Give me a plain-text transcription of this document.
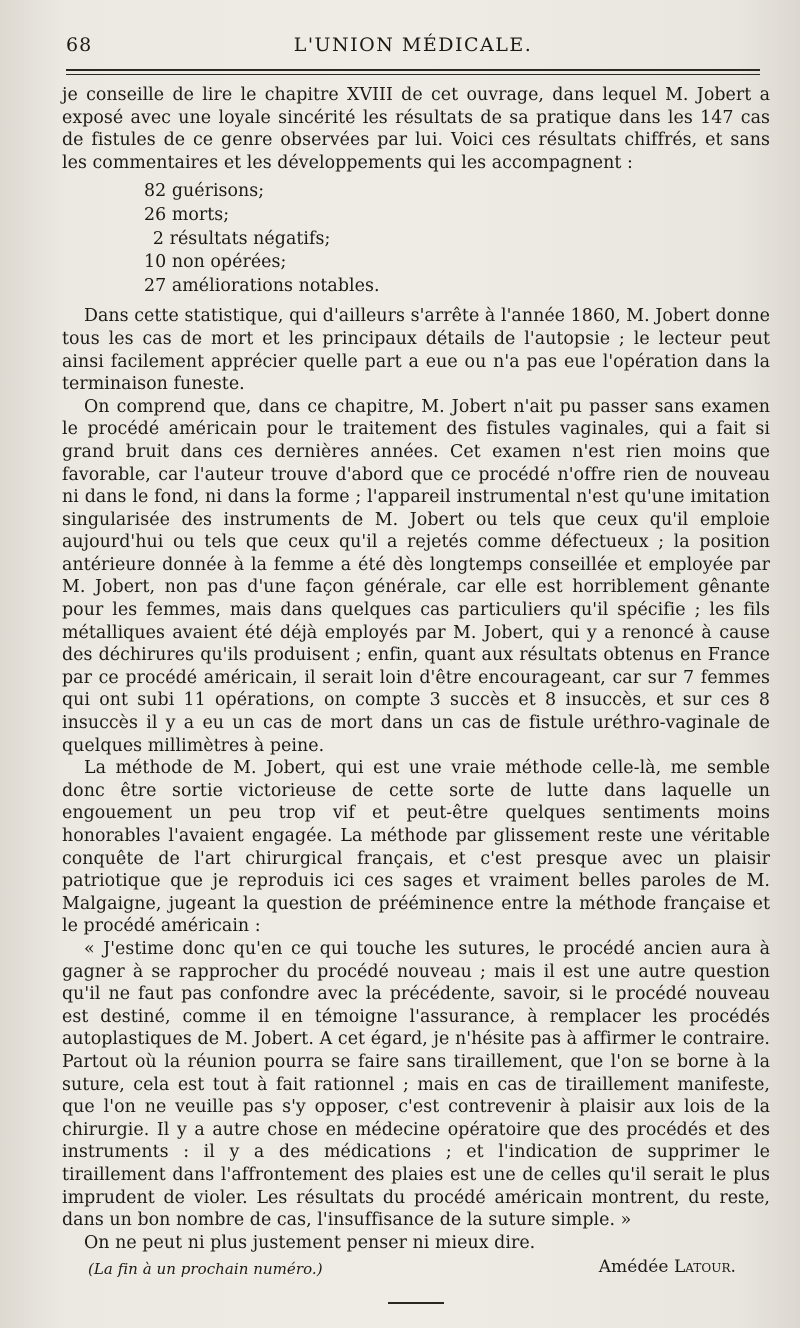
68	L'UNION MÉDICALE.

je conseille de lire le chapitre XVIII de cet ouvrage, dans lequel M. Jobert a exposé avec une loyale sincérité les résultats de sa pratique dans les 147 cas de fistules de ce genre observées par lui. Voici ces résultats chiffrés, et sans les commentaires et les développements qui les accompagnent :

82 guérisons;
26 morts;
2 résultats négatifs;
10 non opérées;
27 améliorations notables.

Dans cette statistique, qui d'ailleurs s'arrête à l'année 1860, M. Jobert donne tous les cas de mort et les principaux détails de l'autopsie ; le lecteur peut ainsi facilement apprécier quelle part a eue ou n'a pas eue l'opération dans la terminaison funeste.

On comprend que, dans ce chapitre, M. Jobert n'ait pu passer sans examen le procédé américain pour le traitement des fistules vaginales, qui a fait si grand bruit dans ces dernières années. Cet examen n'est rien moins que favorable, car l'auteur trouve d'abord que ce procédé n'offre rien de nouveau ni dans le fond, ni dans la forme ; l'appareil instrumental n'est qu'une imitation singularisée des instruments de M. Jobert ou tels que ceux qu'il emploie aujourd'hui ou tels que ceux qu'il a rejetés comme défectueux ; la position antérieure donnée à la femme a été dès longtemps conseillée et employée par M. Jobert, non pas d'une façon générale, car elle est horriblement gênante pour les femmes, mais dans quelques cas particuliers qu'il spécifie ; les fils métalliques avaient été déjà employés par M. Jobert, qui y a renoncé à cause des déchirures qu'ils produisent ; enfin, quant aux résultats obtenus en France par ce procédé américain, il serait loin d'être encourageant, car sur 7 femmes qui ont subi 11 opérations, on compte 3 succès et 8 insuccès, et sur ces 8 insuccès il y a eu un cas de mort dans un cas de fistule uréthro-vaginale de quelques millimètres à peine.

La méthode de M. Jobert, qui est une vraie méthode celle-là, me semble donc être sortie victorieuse de cette sorte de lutte dans laquelle un engouement un peu trop vif et peut-être quelques sentiments moins honorables l'avaient engagée. La méthode par glissement reste une véritable conquête de l'art chirurgical français, et c'est presque avec un plaisir patriotique que je reproduis ici ces sages et vraiment belles paroles de M. Malgaigne, jugeant la question de prééminence entre la méthode française et le procédé américain :

« J'estime donc qu'en ce qui touche les sutures, le procédé ancien aura à gagner à se rapprocher du procédé nouveau ; mais il est une autre question qu'il ne faut pas confondre avec la précédente, savoir, si le procédé nouveau est destiné, comme il en témoigne l'assurance, à remplacer les procédés autoplastiques de M. Jobert. A cet égard, je n'hésite pas à affirmer le contraire. Partout où la réunion pourra se faire sans tiraillement, que l'on se borne à la suture, cela est tout à fait rationnel ; mais en cas de tiraillement manifeste, que l'on ne veuille pas s'y opposer, c'est contrevenir à plaisir aux lois de la chirurgie. Il y a autre chose en médecine opératoire que des procédés et des instruments : il y a des médications ; et l'indication de supprimer le tiraillement dans l'affrontement des plaies est une de celles qu'il serait le plus imprudent de violer. Les résultats du procédé américain montrent, du reste, dans un bon nombre de cas, l'insuffisance de la suture simple. »

On ne peut ni plus justement penser ni mieux dire.

(La fin à un prochain numéro.)	Amédée Latour.
